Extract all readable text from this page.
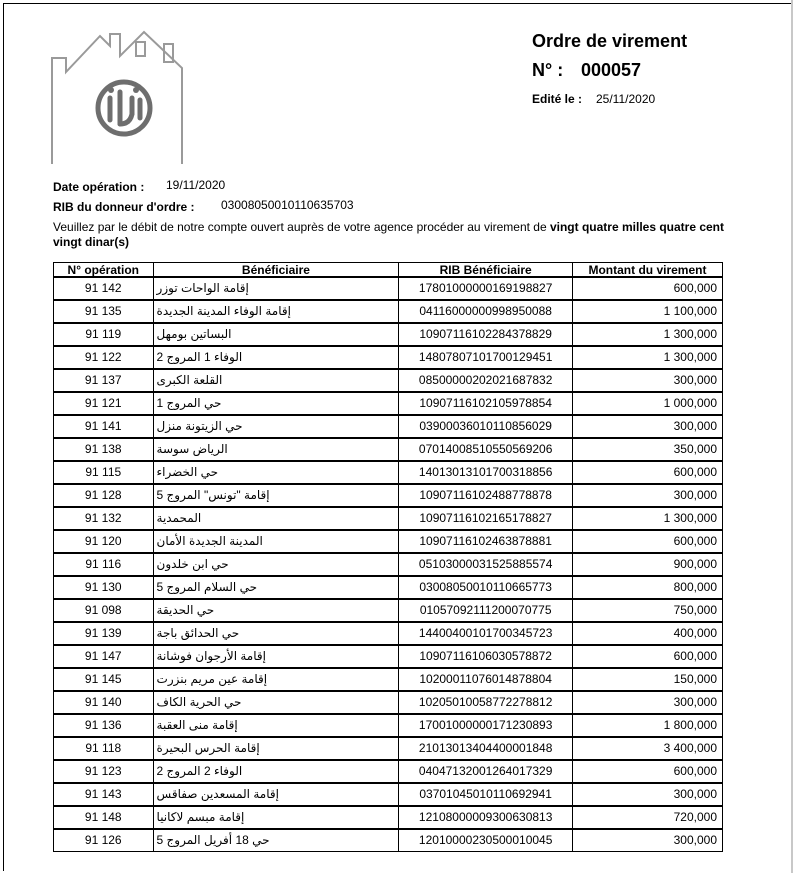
Ordre de virement
N° : 000057
Edité le : 25/11/2020
Date opération : 19/11/2020
RIB du donneur d'ordre : 03008050010110635703
Veuillez par le débit de notre compte ouvert auprès de votre agence procéder au virement de vingt quatre milles quatre cent vingt dinar(s)
N° opération	Bénéficiaire	RIB Bénéficiaire	Montant du virement
91 142	إقامة الواحات توزر	17801000000169198827	600,000
91 135	إقامة الوفاء المدينة الجديدة	04116000000998950088	1 100,000
91 119	البساتين بومهل	10907116102284378829	1 300,000
91 122	الوفاء 1 المروج 2	14807807101700129451	1 300,000
91 137	القلعة الكبرى	08500000202021687832	300,000
91 121	حي المروج 1	10907116102105978854	1 000,000
91 141	حي الزيتونة منزل	03900036010110856029	300,000
91 138	الرياض سوسة	07014008510550569206	350,000
91 115	حي الخضراء	14013013101700318856	600,000
91 128	إقامة "تونس" المروج 5	10907116102488778878	300,000
91 132	المحمدية	10907116102165178827	1 300,000
91 120	المدينة الجديدة الأمان	10907116102463878881	600,000
91 116	حي ابن خلدون	05103000031525885574	900,000
91 130	حي السلام المروج 5	03008050010110665773	800,000
91 098	حي الحديقة	01057092111200070775	750,000
91 139	حي الحدائق باجة	14400400101700345723	400,000
91 147	إقامة الأرجوان فوشانة	10907116106030578872	600,000
91 145	إقامة عين مريم بنزرت	10200011076014878804	150,000
91 140	حي الحرية الكاف	10205010058772278812	300,000
91 136	إقامة منى العقبة	17001000000171230893	1 800,000
91 118	إقامة الحرس البحيرة	21013013404400001848	3 400,000
91 123	الوفاء 2 المروج 2	04047132001264017329	600,000
91 143	إقامة المسعدين صفاقس	03701045010110692941	300,000
91 148	إقامة مبسم لاكانيا	12108000009300630813	720,000
91 126	حي 18 أفريل المروج 5	12010000230500010045	300,000
